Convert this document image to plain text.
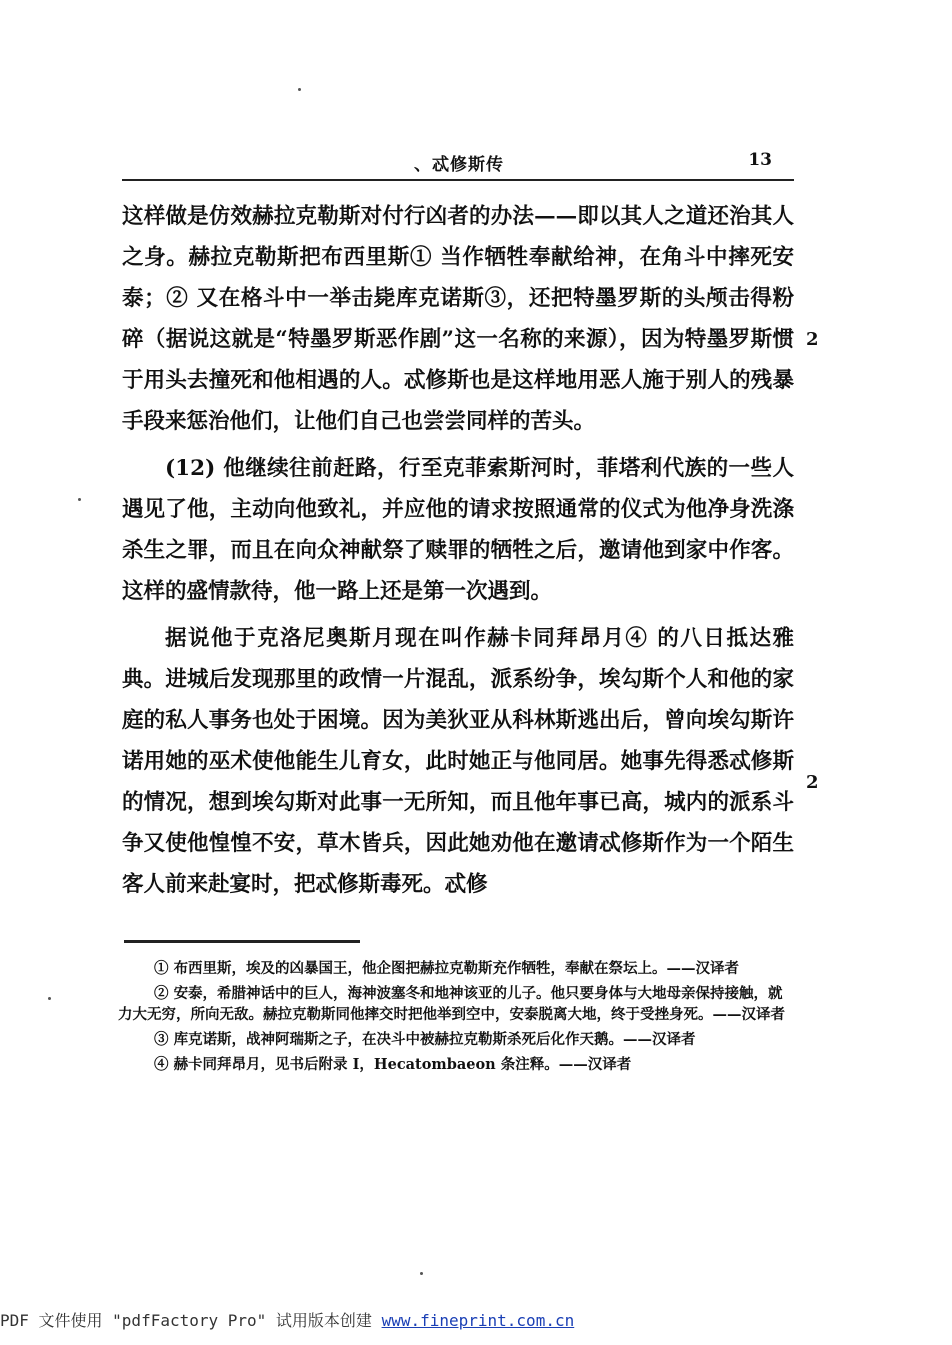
、忒修斯传	13

这样做是仿效赫拉克勒斯对付行凶者的办法——即以其人之道还治其人之身。赫拉克勒斯把布西里斯① 当作牺牲奉献给神，在角斗中摔死安泰；② 又在格斗中一举击毙库克诺斯③，还把特墨罗斯的头颅击得粉碎（据说这就是“特墨罗斯恶作剧”这一名称的来源），因为特墨罗斯惯于用头去撞死和他相遇的人。忒修斯也是这样地用恶人施于别人的残暴手段来惩治他们，让他们自己也尝尝同样的苦头。

(12) 他继续往前赶路，行至克菲索斯河时，菲塔利代族的一些人遇见了他，主动向他致礼，并应他的请求按照通常的仪式为他净身洗涤杀生之罪，而且在向众神献祭了赎罪的牺牲之后，邀请他到家中作客。这样的盛情款待，他一路上还是第一次遇到。

据说他于克洛尼奥斯月现在叫作赫卡同拜昂月④ 的八日抵达雅典。进城后发现那里的政情一片混乱，派系纷争，埃勾斯个人和他的家庭的私人事务也处于困境。因为美狄亚从科林斯逃出后，曾向埃勾斯许诺用她的巫术使他能生儿育女，此时她正与他同居。她事先得悉忒修斯的情况，想到埃勾斯对此事一无所知，而且他年事已高，城内的派系斗争又使他惶惶不安，草木皆兵，因此她劝他在邀请忒修斯作为一个陌生客人前来赴宴时，把忒修斯毒死。忒修

2
2

① 布西里斯，埃及的凶暴国王，他企图把赫拉克勒斯充作牺牲，奉献在祭坛上。——汉译者

② 安泰，希腊神话中的巨人，海神波塞冬和地神该亚的儿子。他只要身体与大地母亲保持接触，就力大无穷，所向无敌。赫拉克勒斯同他摔交时把他举到空中，安泰脱离大地，终于受挫身死。——汉译者

③ 库克诺斯，战神阿瑞斯之子，在决斗中被赫拉克勒斯杀死后化作天鹅。——汉译者

④ 赫卡同拜昂月，见书后附录 I，Hecatombaeon 条注释。——汉译者

PDF 文件使用 "pdfFactory Pro" 试用版本创建 www.fineprint.com.cn
